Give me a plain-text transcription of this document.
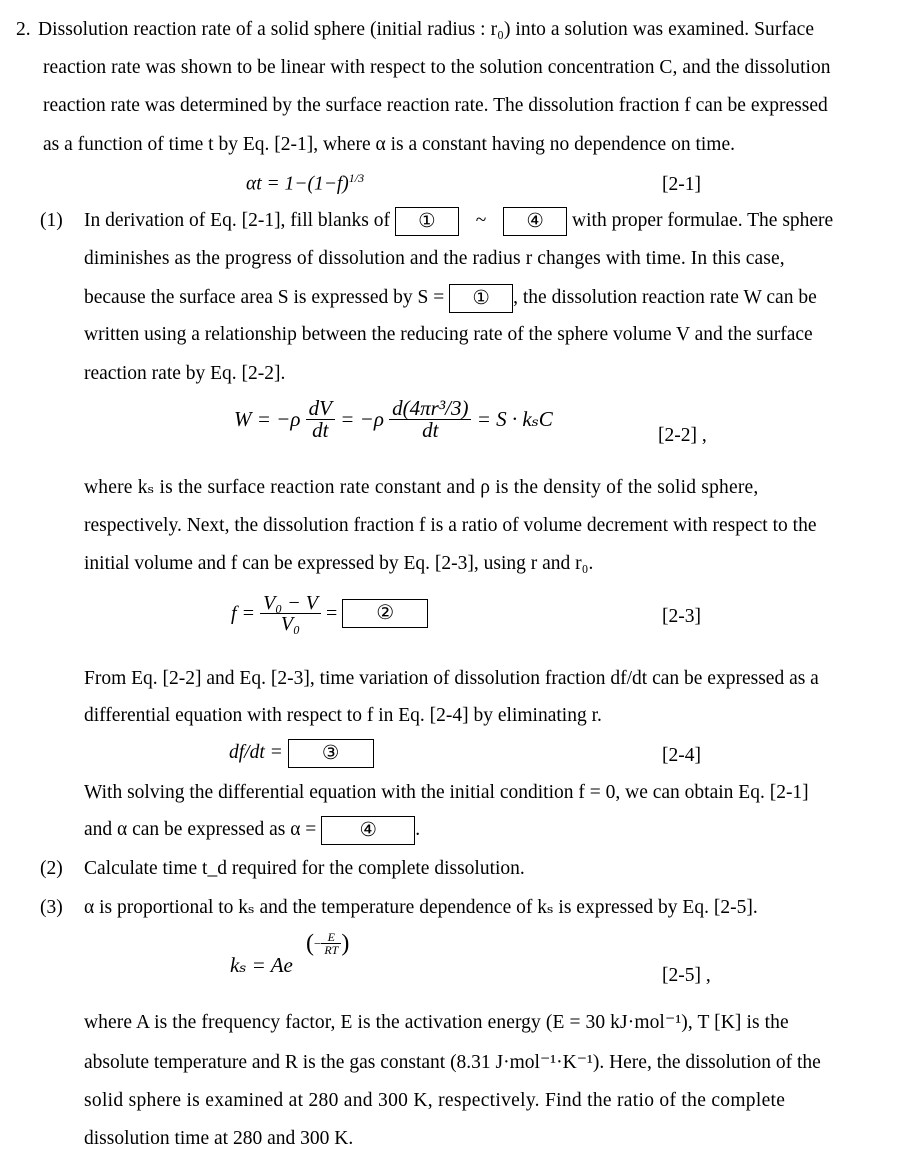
2. Dissolution reaction rate of a solid sphere (initial radius : r₀) into a solution was examined. Surface
reaction rate was shown to be linear with respect to the solution concentration C, and the dissolution
reaction rate was determined by the surface reaction rate. The dissolution fraction f can be expressed
as a function of time t by Eq. [2-1], where α is a constant having no dependence on time.
$\alpha t = 1-(1-f)^{1/3}$	[2-1]
(1) In derivation of Eq. [2-1], fill blanks of ① ~ ④ with proper formulae. The sphere
diminishes as the progress of dissolution and the radius r changes with time. In this case,
because the surface area S is expressed by S = ① , the dissolution reaction rate W can be
written using a relationship between the reducing rate of the sphere volume V and the surface
reaction rate by Eq. [2-2].
$W = -\rho \frac{dV}{dt} = -\rho \frac{\text{d(4πr³/3)}}{dt} = S \cdot k_sC$
[2-2] ,
where kₛ is the surface reaction rate constant and ρ is the density of the solid sphere,
respectively. Next, the dissolution fraction f is a ratio of volume decrement with respect to the
initial volume and f can be expressed by Eq. [2-3], using r and r₀.
$f = \frac{\text{V₀ − V}}{\text{V₀}}$ = ②	[2-3]
From Eq. [2-2] and Eq. [2-3], time variation of dissolution fraction df/dt can be expressed as a
differential equation with respect to f in Eq. [2-4] by eliminating r.
df/dt = ③	[2-4]
With solving the differential equation with the initial condition f = 0, we can obtain Eq. [2-1]
and α can be expressed as α = ④ .
(2) Calculate time t_d required for the complete dissolution.
(3) α is proportional to kₛ and the temperature dependence of kₛ is expressed by Eq. [2-5].
kₛ = Ae
(− $\frac{E}{RT}$ )
[2-5] ,
where A is the frequency factor, E is the activation energy (E = 30 kJ·mol⁻¹), T [K] is the
absolute temperature and R is the gas constant (8.31 J·mol⁻¹·K⁻¹). Here, the dissolution of the
solid sphere is examined at 280 and 300 K, respectively. Find the ratio of the complete
dissolution time at 280 and 300 K.
